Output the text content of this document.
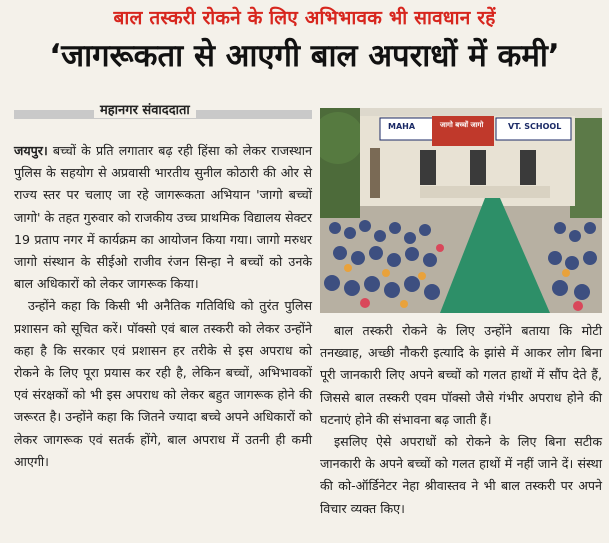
बाल तस्करी रोकने के लिए अभिभावक भी सावधान रहें
‘जागरूकता से आएगी बाल अपराधों में कमी’
महानगर संवाददाता

जयपुर। बच्चों के प्रति लगातार बढ़ रही हिंसा को लेकर राजस्थान पुलिस के सहयोग से अप्रवासी भारतीय सुनील कोठारी की ओर से राज्य स्तर पर चलाए जा रहे जागरूकता अभियान 'जागो बच्चों जागो' के तहत गुरुवार को राजकीय उच्च प्राथमिक विद्यालय सेक्टर 19 प्रताप नगर में कार्यक्रम का आयोजन किया गया। जागो मरुधर जागो संस्थान के सीईओ राजीव रंजन सिन्हा ने बच्चों को उनके बाल अधिकारों को लेकर जागरूक किया।

उन्होंने कहा कि किसी भी अनैतिक गतिविधि को तुरंत पुलिस प्रशासन को सूचित करें। पॉक्सो एवं बाल तस्करी को लेकर उन्होंने कहा है कि सरकार एवं प्रशासन हर तरीके से इस अपराध को रोकने के लिए पूरा प्रयास कर रही है, लेकिन बच्चों, अभिभावकों एवं संरक्षकों को भी इस अपराध को लेकर बहुत जागरूक होने की जरूरत है। उन्होंने कहा कि जितने ज्यादा बच्चे अपने अधिकारों को लेकर जागरूक एवं सतर्क होंगे, बाल अपराध में उतनी ही कमी आएगी।

MAHA	जागो बच्चों जागो	VT. SCHOOL

बाल तस्करी रोकने के लिए उन्होंने बताया कि मोटी तनख्वाह, अच्छी नौकरी इत्यादि के झांसे में आकर लोग बिना पूरी जानकारी लिए अपने बच्चों को गलत हाथों में सौंप देते हैं, जिससे बाल तस्करी एवम पॉक्सो जैसे गंभीर अपराध होने की घटनाएं होने की संभावना बढ़ जाती हैं।

इसलिए ऐसे अपराधों को रोकने के लिए बिना सटीक जानकारी के अपने बच्चों को गलत हाथों में नहीं जाने दें। संस्था की को-ऑर्डिनेटर नेहा श्रीवास्तव ने भी बाल तस्करी पर अपने विचार व्यक्त किए।
